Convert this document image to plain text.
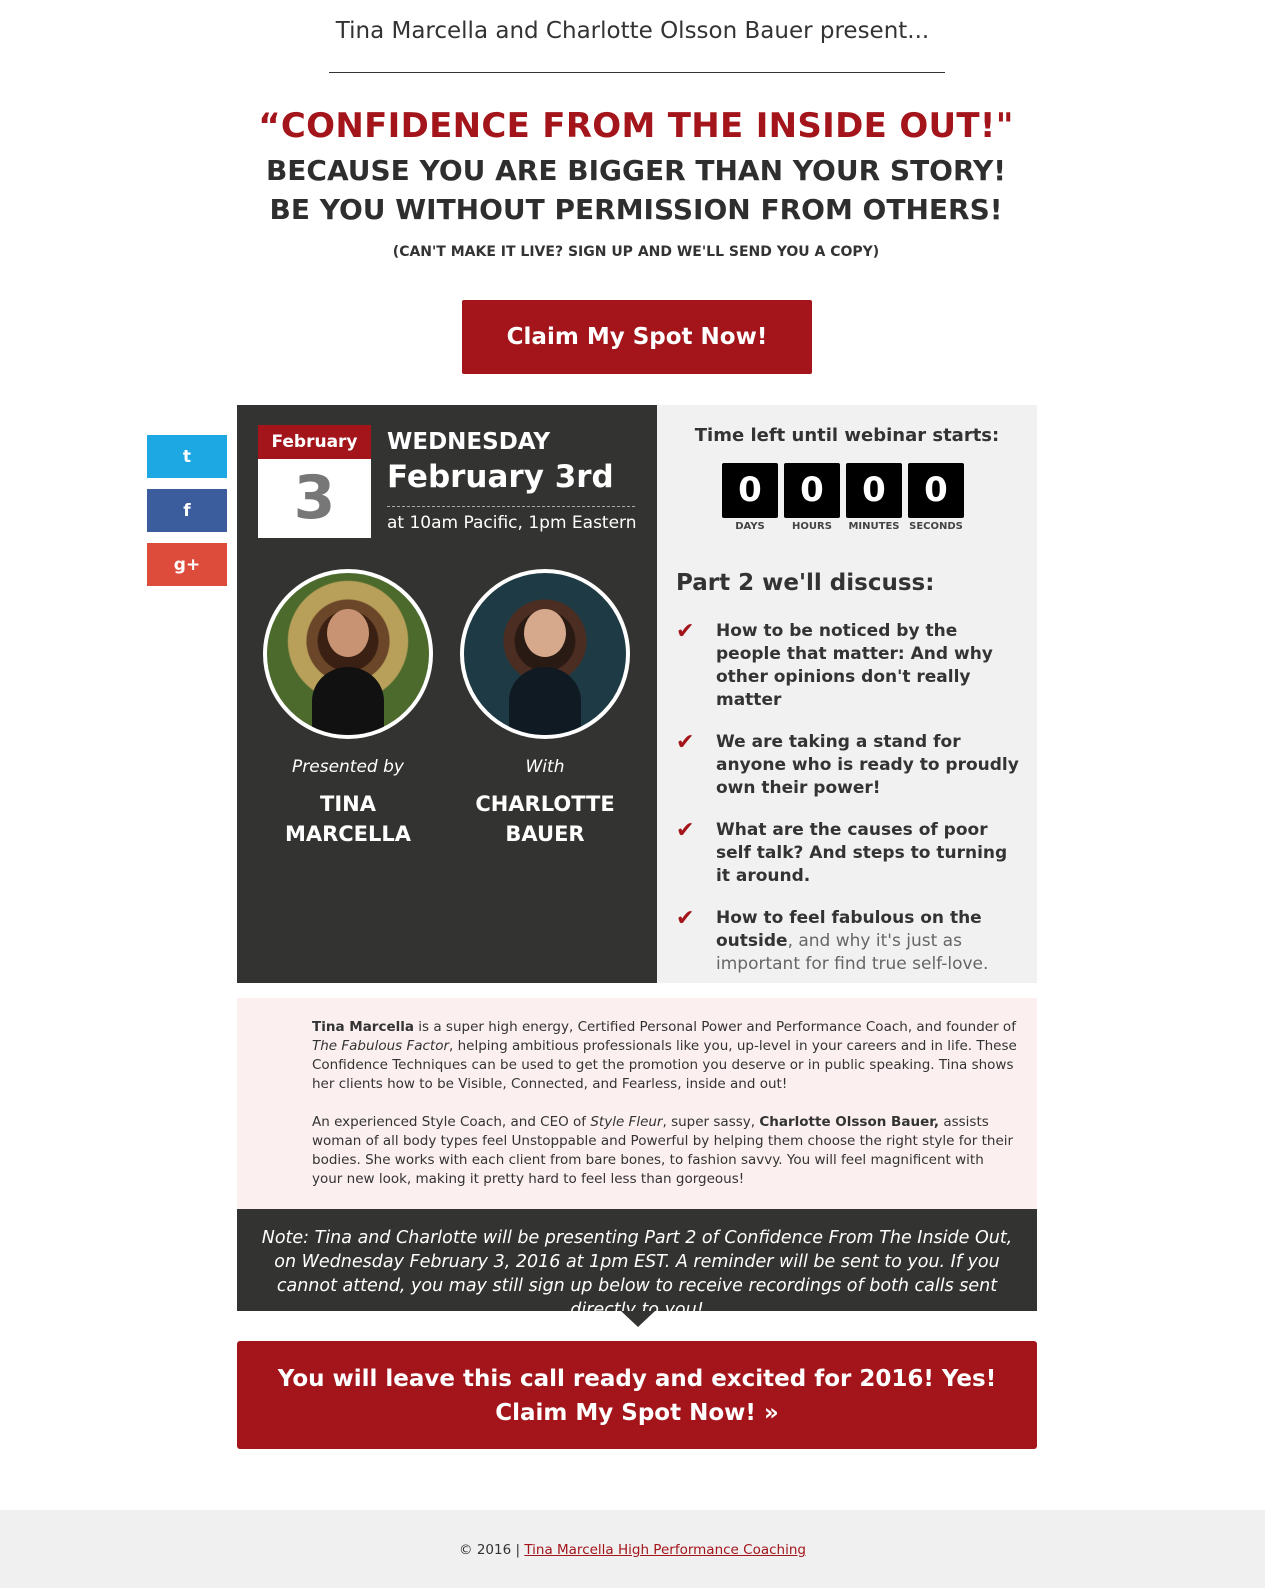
Tina Marcella and Charlotte Olsson Bauer present...
“CONFIDENCE FROM THE INSIDE OUT!"
BECAUSE YOU ARE BIGGER THAN YOUR STORY!
BE YOU WITHOUT PERMISSION FROM OTHERS!
(CAN'T MAKE IT LIVE? SIGN UP AND WE'LL SEND YOU A COPY)
Claim My Spot Now!
t
f
g+
February
3
WEDNESDAY
February 3rd
at 10am Pacific, 1pm Eastern
Presented by
TINA
MARCELLA
With
CHARLOTTE
BAUER
Time left until webinar starts:
0
DAYS
0
HOURS
0
MINUTES
0
SECONDS
Part 2 we'll discuss:
✔ How to be noticed by the people that matter: And why other opinions don't really matter
✔ We are taking a stand for anyone who is ready to proudly own their power!
✔ What are the causes of poor self talk? And steps to turning it around.
✔ How to feel fabulous on the outside, and why it's just as important for find true self-love.

Tina Marcella is a super high energy, Certified Personal Power and Performance Coach, and founder of The Fabulous Factor, helping ambitious professionals like you, up-level in your careers and in life. These Confidence Techniques can be used to get the promotion you deserve or in public speaking. Tina shows her clients how to be Visible, Connected, and Fearless, inside and out!

An experienced Style Coach, and CEO of Style Fleur, super sassy, Charlotte Olsson Bauer, assists woman of all body types feel Unstoppable and Powerful by helping them choose the right style for their bodies. She works with each client from bare bones, to fashion savvy. You will feel magnificent with your new look, making it pretty hard to feel less than gorgeous!

Note: Tina and Charlotte will be presenting Part 2 of Confidence From The Inside Out, on Wednesday February 3, 2016 at 1pm EST. A reminder will be sent to you. If you cannot attend, you may still sign up below to receive recordings of both calls sent directly to you!
You will leave this call ready and excited for 2016! Yes!
Claim My Spot Now! »
© 2016 | Tina Marcella High Performance Coaching
